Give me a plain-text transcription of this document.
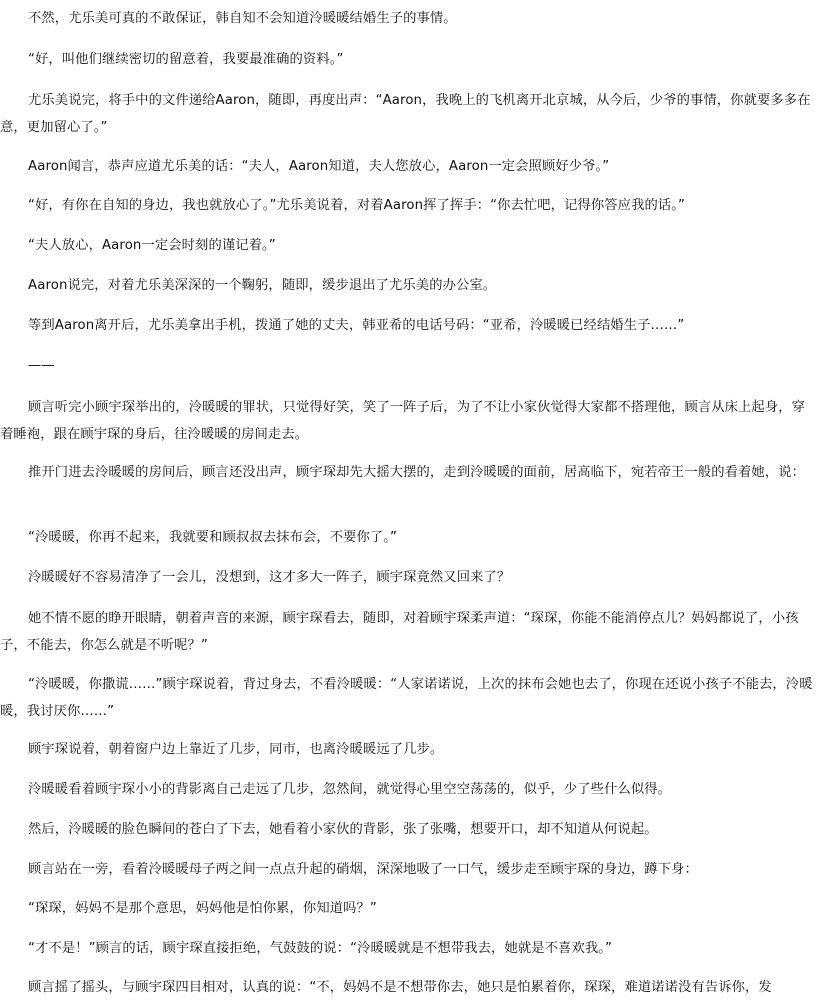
不然，尤乐美可真的不敢保证，韩自知不会知道泠暖暖结婚生子的事情。

“好，叫他们继续密切的留意着，我要最准确的资料。”

尤乐美说完，将手中的文件递给Aaron，随即，再度出声：“Aaron，我晚上的飞机离开北京城，从今后，少爷的事情，你就要多多在意，更加留心了。”

Aaron闻言，恭声应道尤乐美的话：“夫人，Aaron知道，夫人您放心，Aaron一定会照顾好少爷。”

“好，有你在自知的身边，我也就放心了。”尤乐美说着，对着Aaron挥了挥手：“你去忙吧，记得你答应我的话。”

“夫人放心，Aaron一定会时刻的谨记着。”

Aaron说完，对着尤乐美深深的一个鞠躬，随即，缓步退出了尤乐美的办公室。

等到Aaron离开后，尤乐美拿出手机，拨通了她的丈夫，韩亚希的电话号码：“亚希，泠暖暖已经结婚生子……”

——

顾言听完小顾宇琛举出的，泠暖暖的罪状，只觉得好笑，笑了一阵子后，为了不让小家伙觉得大家都不搭理他，顾言从床上起身，穿着睡袍，跟在顾宇琛的身后，往泠暖暖的房间走去。

推开门进去泠暖暖的房间后，顾言还没出声，顾宇琛却先大摇大摆的，走到泠暖暖的面前，居高临下，宛若帝王一般的看着她，说：

“泠暖暖，你再不起来，我就要和顾叔叔去抹布会，不要你了。”

泠暖暖好不容易清净了一会儿，没想到，这才多大一阵子，顾宇琛竟然又回来了？

她不情不愿的睁开眼睛，朝着声音的来源，顾宇琛看去，随即，对着顾宇琛柔声道：“琛琛，你能不能消停点儿？妈妈都说了，小孩子，不能去，你怎么就是不听呢？”

“泠暖暖，你撒谎……”顾宇琛说着，背过身去，不看泠暖暖：“人家诺诺说，上次的抹布会她也去了，你现在还说小孩子不能去，泠暖暖，我讨厌你……”

顾宇琛说着，朝着窗户边上靠近了几步，同市，也离泠暖暖远了几步。

泠暖暖看着顾宇琛小小的背影离自己走远了几步，忽然间，就觉得心里空空荡荡的，似乎，少了些什么似得。

然后，泠暖暖的脸色瞬间的苍白了下去，她看着小家伙的背影，张了张嘴，想要开口，却不知道从何说起。

顾言站在一旁，看着泠暖暖母子两之间一点点升起的硝烟，深深地吸了一口气，缓步走至顾宇琛的身边，蹲下身：

“琛琛，妈妈不是那个意思，妈妈他是怕你累，你知道吗？”

“才不是！”顾言的话，顾宇琛直接拒绝，气鼓鼓的说：“泠暖暖就是不想带我去，她就是不喜欢我。”

顾言摇了摇头，与顾宇琛四目相对，认真的说：“不，妈妈不是不想带你去，她只是怕累着你，琛琛，难道诺诺没有告诉你，发
